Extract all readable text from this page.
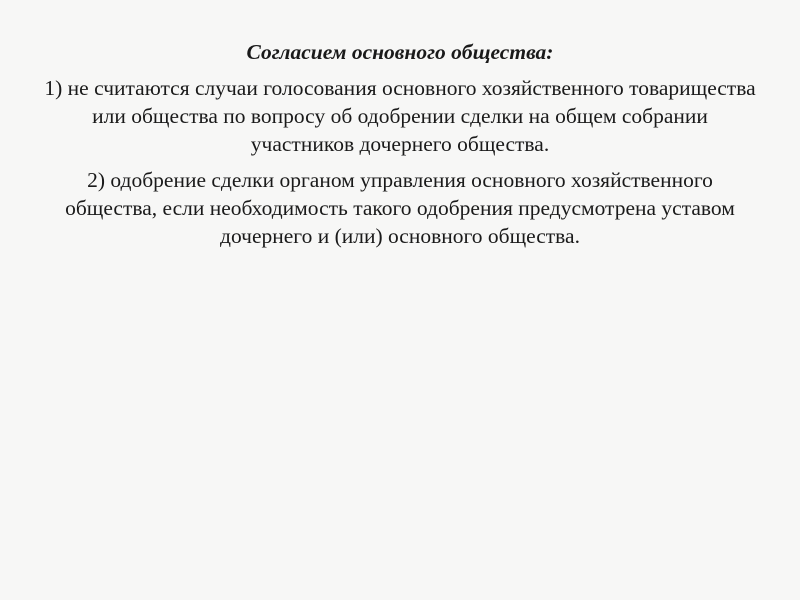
Согласием основного общества:

1) не считаются случаи голосования основного хозяйственного товарищества или общества по вопросу об одобрении сделки на общем собрании участников дочернего общества.

2) одобрение сделки органом управления основного хозяйственного общества, если необходимость такого одобрения предусмотрена уставом дочернего и (или) основного общества.
